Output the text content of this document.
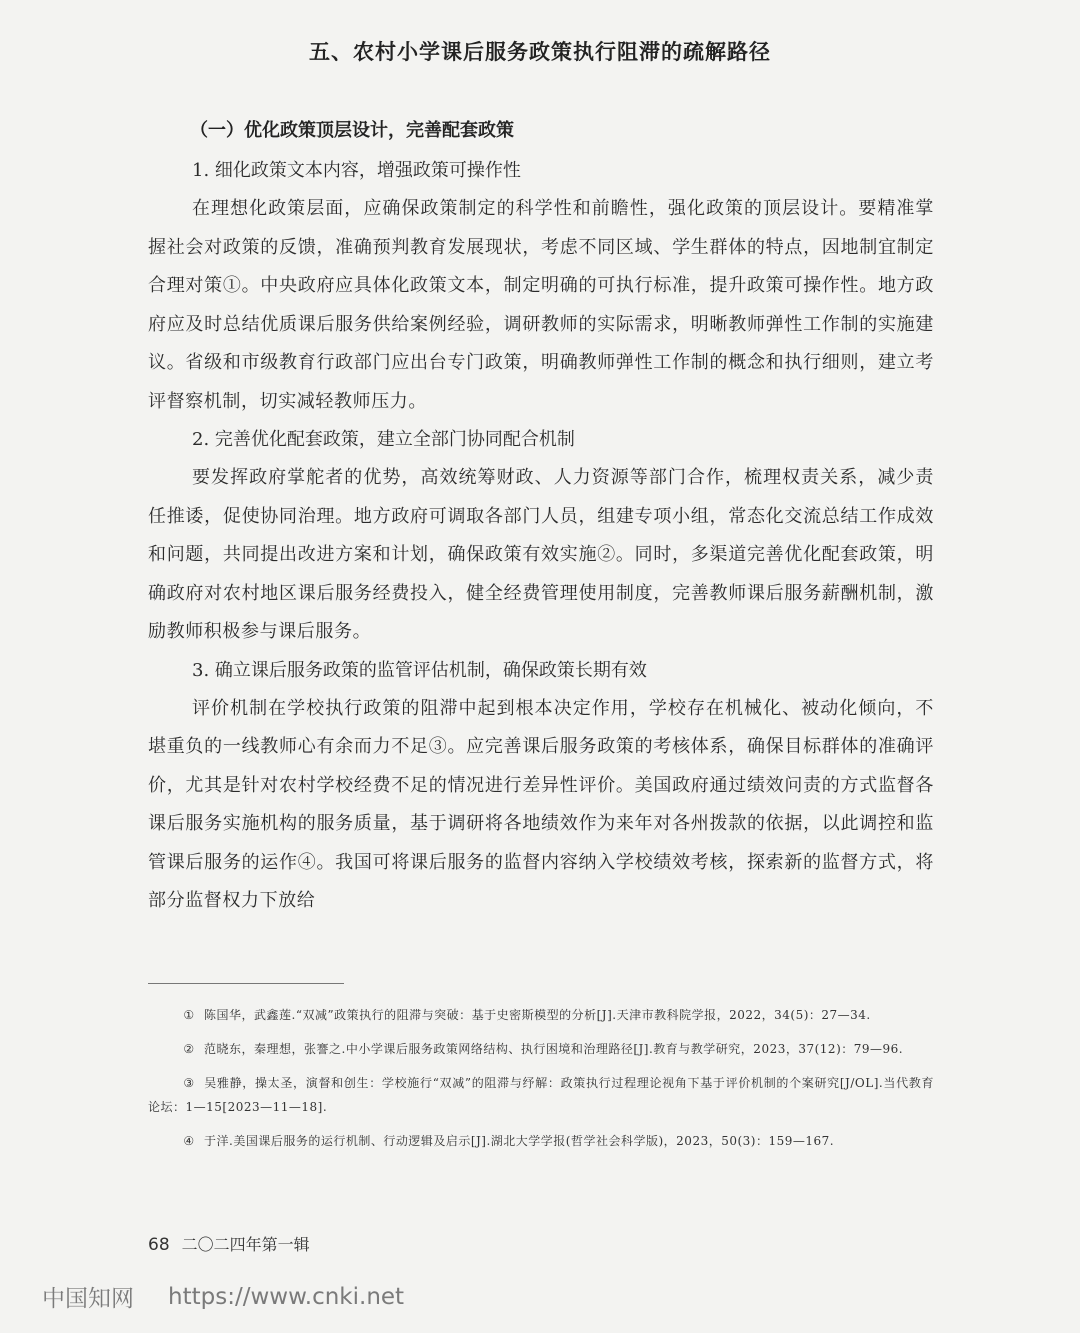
五、农村小学课后服务政策执行阻滞的疏解路径
（一）优化政策顶层设计，完善配套政策

1. 细化政策文本内容，增强政策可操作性

在理想化政策层面，应确保政策制定的科学性和前瞻性，强化政策的顶层设计。要精准掌握社会对政策的反馈，准确预判教育发展现状，考虑不同区域、学生群体的特点，因地制宜制定合理对策①。中央政府应具体化政策文本，制定明确的可执行标准，提升政策可操作性。地方政府应及时总结优质课后服务供给案例经验，调研教师的实际需求，明晰教师弹性工作制的实施建议。省级和市级教育行政部门应出台专门政策，明确教师弹性工作制的概念和执行细则，建立考评督察机制，切实减轻教师压力。

2. 完善优化配套政策，建立全部门协同配合机制

要发挥政府掌舵者的优势，高效统筹财政、人力资源等部门合作，梳理权责关系，减少责任推诿，促使协同治理。地方政府可调取各部门人员，组建专项小组，常态化交流总结工作成效和问题，共同提出改进方案和计划，确保政策有效实施②。同时，多渠道完善优化配套政策，明确政府对农村地区课后服务经费投入，健全经费管理使用制度，完善教师课后服务薪酬机制，激励教师积极参与课后服务。

3. 确立课后服务政策的监管评估机制，确保政策长期有效

评价机制在学校执行政策的阻滞中起到根本决定作用，学校存在机械化、被动化倾向，不堪重负的一线教师心有余而力不足③。应完善课后服务政策的考核体系，确保目标群体的准确评价，尤其是针对农村学校经费不足的情况进行差异性评价。美国政府通过绩效问责的方式监督各课后服务实施机构的服务质量，基于调研将各地绩效作为来年对各州拨款的依据，以此调控和监管课后服务的运作④。我国可将课后服务的监督内容纳入学校绩效考核，探索新的监督方式，将部分监督权力下放给

① 陈国华，武鑫莲.“双减”政策执行的阻滞与突破：基于史密斯模型的分析[J].天津市教科院学报，2022，34(5)：27—34.

② 范晓东，秦理想，张謇之.中小学课后服务政策网络结构、执行困境和治理路径[J].教育与教学研究，2023，37(12)：79—96.

③ 吴雅静，操太圣，演督和创生：学校施行“双减”的阻滞与纾解：政策执行过程理论视角下基于评价机制的个案研究[J/OL].当代教育论坛：1—15[2023—11—18].

④ 于洋.美国课后服务的运行机制、行动逻辑及启示[J].湖北大学学报(哲学社会科学版)，2023，50(3)：159—167.

68 二〇二四年第一辑
中国知网 https://www.cnki.net
